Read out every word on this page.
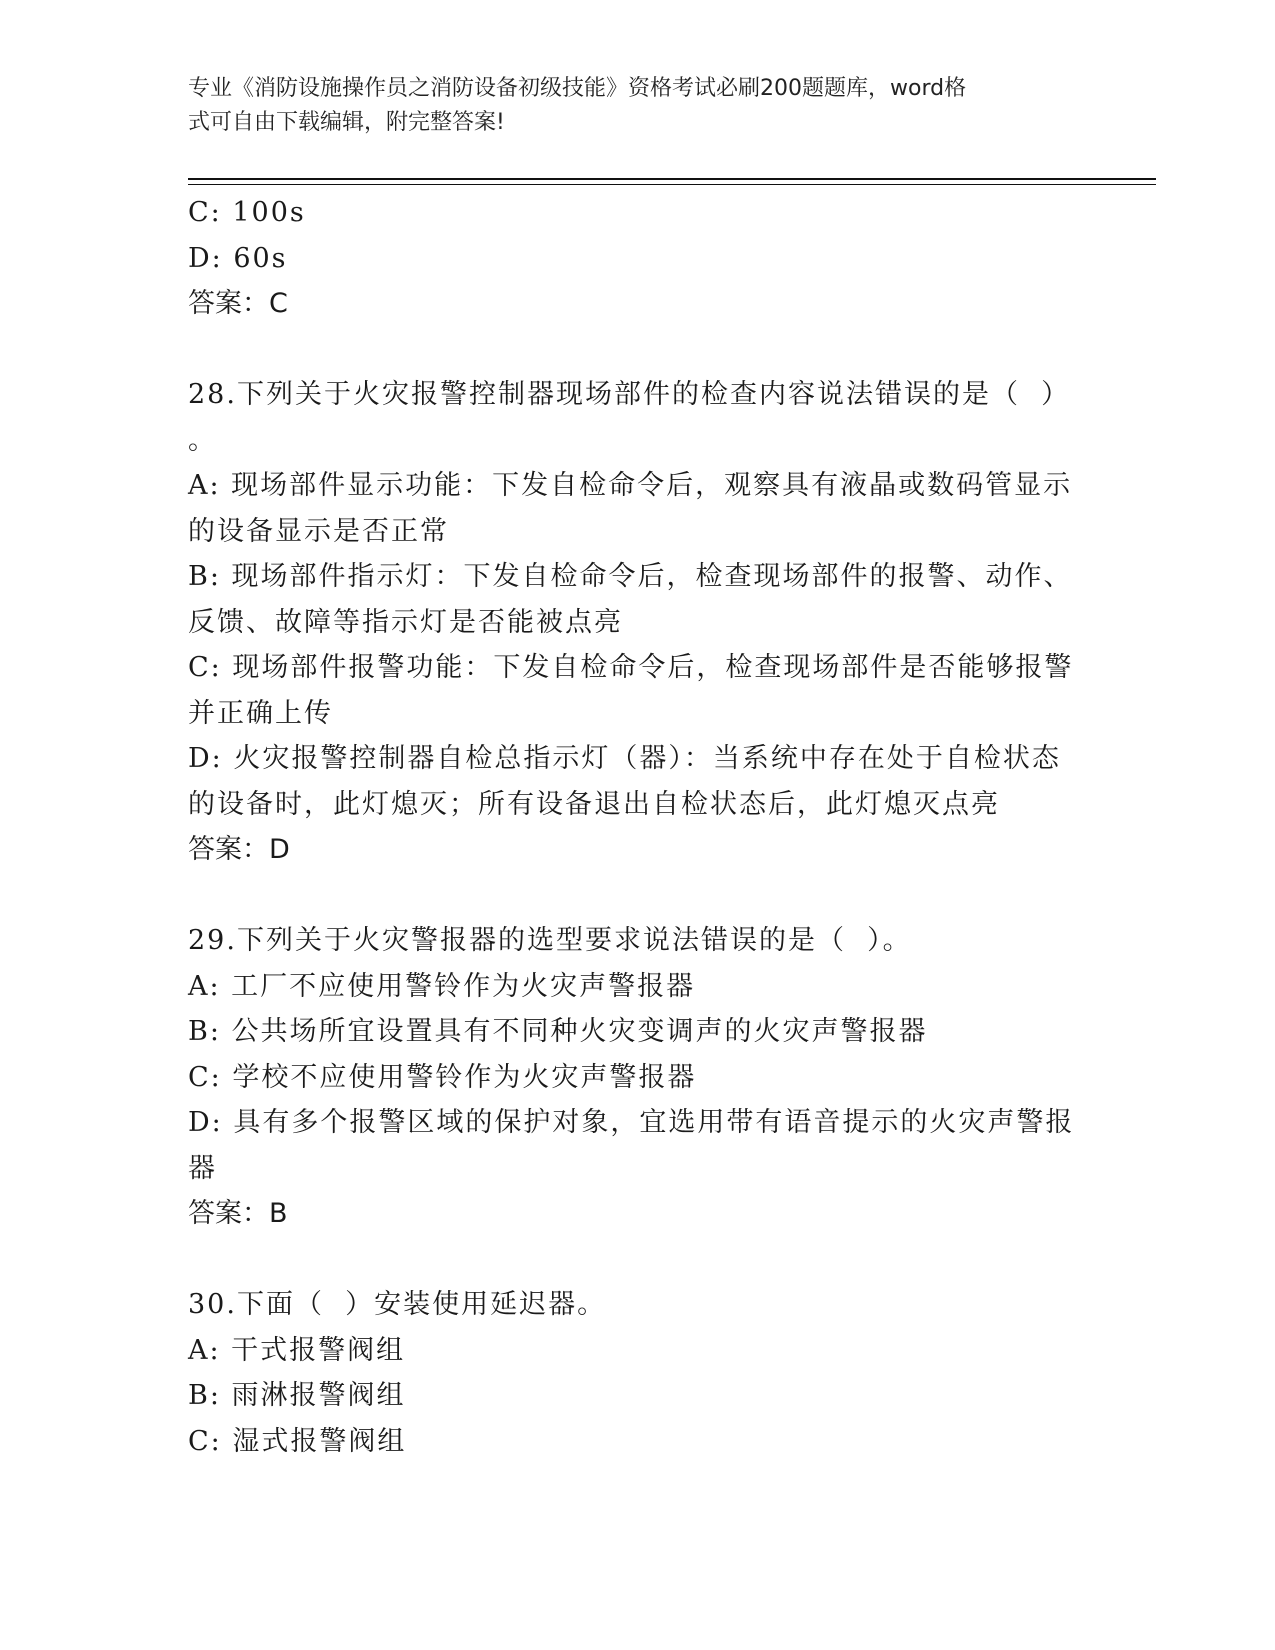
专业《消防设施操作员之消防设备初级技能》资格考试必刷200题题库，word格
式可自由下载编辑，附完整答案!
C: 100s
D: 60s
答案：C
28.下列关于火灾报警控制器现场部件的检查内容说法错误的是（  ）
。
A: 现场部件显示功能：下发自检命令后，观察具有液晶或数码管显示
的设备显示是否正常
B: 现场部件指示灯：下发自检命令后，检查现场部件的报警、动作、
反馈、故障等指示灯是否能被点亮
C: 现场部件报警功能：下发自检命令后，检查现场部件是否能够报警
并正确上传
D: 火灾报警控制器自检总指示灯（器）：当系统中存在处于自检状态
的设备时，此灯熄灭；所有设备退出自检状态后，此灯熄灭点亮
答案：D
29.下列关于火灾警报器的选型要求说法错误的是（  ）。
A: 工厂不应使用警铃作为火灾声警报器
B: 公共场所宜设置具有不同种火灾变调声的火灾声警报器
C: 学校不应使用警铃作为火灾声警报器
D: 具有多个报警区域的保护对象，宜选用带有语音提示的火灾声警报
器
答案：B
30.下面（  ）安装使用延迟器。
A: 干式报警阀组
B: 雨淋报警阀组
C: 湿式报警阀组
